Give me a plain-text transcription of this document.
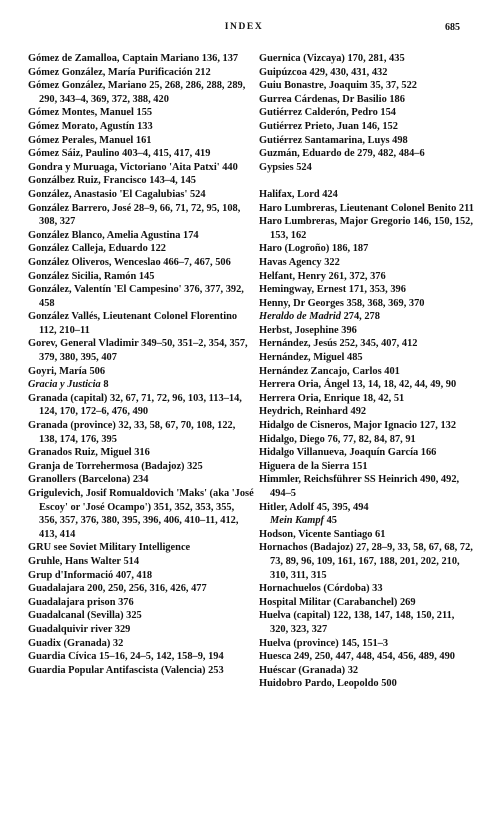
INDEX	685

Gómez de Zamalloa, Captain Mariano 136, 137

Gómez González, María Purificación 212

Gómez González, Mariano 25, 268, 286, 288, 289, 290, 343–4, 369, 372, 388, 420

Gómez Montes, Manuel 155

Gómez Morato, Agustín 133

Gómez Perales, Manuel 161

Gómez Sáiz, Paulino 403–4, 415, 417, 419

Gondra y Muruaga, Victoriano 'Aita Patxi' 440

Gonzálbez Ruiz, Francisco 143–4, 145

González, Anastasio 'El Cagalubias' 524

González Barrero, José 28–9, 66, 71, 72, 95, 108, 308, 327

González Blanco, Amelia Agustina 174

González Calleja, Eduardo 122

González Oliveros, Wenceslao 466–7, 467, 506

González Sicilia, Ramón 145

González, Valentín 'El Campesino' 376, 377, 392, 458

González Vallés, Lieutenant Colonel Florentino 112, 210–11

Gorev, General Vladimir 349–50, 351–2, 354, 357, 379, 380, 395, 407

Goyri, María 506

Gracia y Justicia 8

Granada (capital) 32, 67, 71, 72, 96, 103, 113–14, 124, 170, 172–6, 476, 490

Granada (province) 32, 33, 58, 67, 70, 108, 122, 138, 174, 176, 395

Granados Ruiz, Miguel 316

Granja de Torrehermosa (Badajoz) 325

Granollers (Barcelona) 234

Grigulevich, Josif Romualdovich 'Maks' (aka 'José Escoy' or 'José Ocampo') 351, 352, 353, 355, 356, 357, 376, 380, 395, 396, 406, 410–11, 412, 413, 414

GRU see Soviet Military Intelligence

Gruhle, Hans Walter 514

Grup d'Informació 407, 418

Guadalajara 200, 250, 256, 316, 426, 477

Guadalajara prison 376

Guadalcanal (Sevilla) 325

Guadalquivir river 329

Guadix (Granada) 32

Guardia Cívica 15–16, 24–5, 142, 158–9, 194

Guardia Popular Antifascista (Valencia) 253

Guernica (Vizcaya) 170, 281, 435

Guipúzcoa 429, 430, 431, 432

Guiu Bonastre, Joaquim 35, 37, 522

Gurrea Cárdenas, Dr Basilio 186

Gutiérrez Calderón, Pedro 154

Gutiérrez Prieto, Juan 146, 152

Gutiérrez Santamarina, Luys 498

Guzmán, Eduardo de 279, 482, 484–6

Gypsies 524

Halifax, Lord 424

Haro Lumbreras, Lieutenant Colonel Benito 211

Haro Lumbreras, Major Gregorio 146, 150, 152, 153, 162

Haro (Logroño) 186, 187

Havas Agency 322

Helfant, Henry 261, 372, 376

Hemingway, Ernest 171, 353, 396

Henny, Dr Georges 358, 368, 369, 370

Heraldo de Madrid 274, 278

Herbst, Josephine 396

Hernández, Jesús 252, 345, 407, 412

Hernández, Miguel 485

Hernández Zancajo, Carlos 401

Herrera Oria, Ángel 13, 14, 18, 42, 44, 49, 90

Herrera Oria, Enrique 18, 42, 51

Heydrich, Reinhard 492

Hidalgo de Cisneros, Major Ignacio 127, 132

Hidalgo, Diego 76, 77, 82, 84, 87, 91

Hidalgo Villanueva, Joaquín García 166

Higuera de la Sierra 151

Himmler, Reichsführer SS Heinrich 490, 492, 494–5

Hitler, Adolf 45, 395, 494

Mein Kampf 45

Hodson, Vicente Santiago 61

Hornachos (Badajoz) 27, 28–9, 33, 58, 67, 68, 72, 73, 89, 96, 109, 161, 167, 188, 201, 202, 210, 310, 311, 315

Hornachuelos (Córdoba) 33

Hospital Militar (Carabanchel) 269

Huelva (capital) 122, 138, 147, 148, 150, 211, 320, 323, 327

Huelva (province) 145, 151–3

Huesca 249, 250, 447, 448, 454, 456, 489, 490

Huéscar (Granada) 32

Huidobro Pardo, Leopoldo 500
